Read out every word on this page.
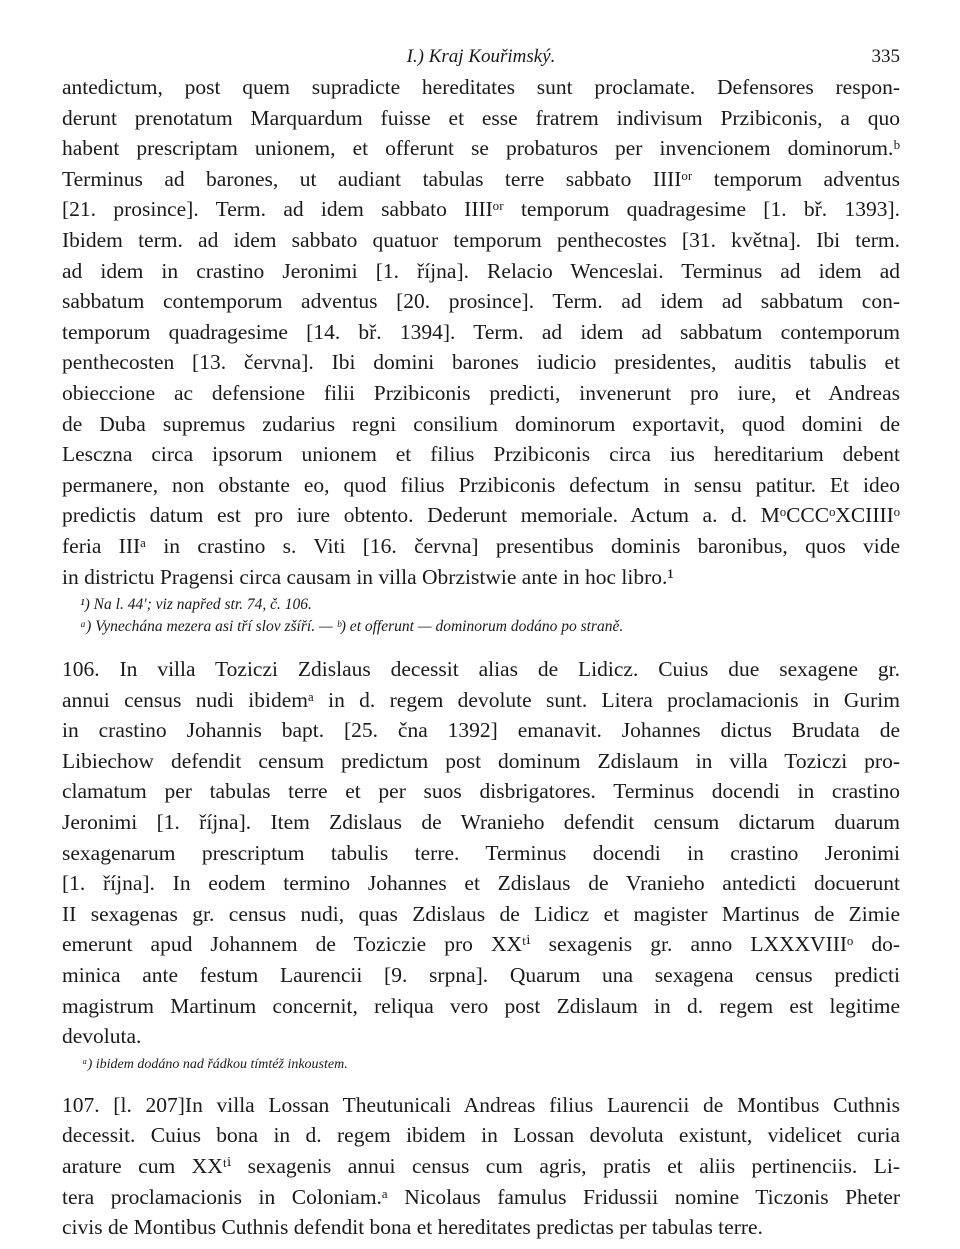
I.) Kraj Kouřimský.	335
antedictum, post quem supradicte hereditates sunt proclamate. Defensores respon-
derunt prenotatum Marquardum fuisse et esse fratrem indivisum Przibiconis, a quo
habent prescriptam unionem, et offerunt se probaturos per invencionem dominorum.ᵇ
Terminus ad barones, ut audiant tabulas terre sabbato IIIIᵒʳ temporum adventus
[21. prosince]. Term. ad idem sabbato IIIIᵒʳ temporum quadragesime [1. bř. 1393].
Ibidem term. ad idem sabbato quatuor temporum penthecostes [31. května]. Ibi term.
ad idem in crastino Jeronimi [1. října]. Relacio Wenceslai. Terminus ad idem ad
sabbatum contemporum adventus [20. prosince]. Term. ad idem ad sabbatum con-
temporum quadragesime [14. bř. 1394]. Term. ad idem ad sabbatum contemporum
penthecosten [13. června]. Ibi domini barones iudicio presidentes, auditis tabulis et
obieccione ac defensione filii Przibiconis predicti, invenerunt pro iure, et Andreas
de Duba supremus zudarius regni consilium dominorum exportavit, quod domini de
Lesczna circa ipsorum unionem et filius Przibiconis circa ius hereditarium debent
permanere, non obstante eo, quod filius Przibiconis defectum in sensu patitur. Et ideo
predictis datum est pro iure obtento. Dederunt memoriale. Actum a. d. MᵒCCCᵒXCIIIIᵒ
feria IIIᵃ in crastino s. Viti [16. června] presentibus dominis baronibus, quos vide
in districtu Pragensi circa causam in villa Obrzistwie ante in hoc libro.¹

¹) Na l. 44′; viz napřed str. 74, č. 106.

ᵃ) Vynechána mezera asi tří slov zšíří. — ᵇ) et offerunt — dominorum dodáno po straně.

106. In villa Toziczi Zdislaus decessit alias de Lidicz. Cuius due sexagene gr.
annui census nudi ibidemᵃ in d. regem devolute sunt. Litera proclamacionis in Gurim
in crastino Johannis bapt. [25. čna 1392] emanavit. Johannes dictus Brudata de
Libiechow defendit censum predictum post dominum Zdislaum in villa Toziczi pro-
clamatum per tabulas terre et per suos disbrigatores. Terminus docendi in crastino
Jeronimi [1. října]. Item Zdislaus de Wranieho defendit censum dictarum duarum
sexagenarum prescriptum tabulis terre. Terminus docendi in crastino Jeronimi
[1. října]. In eodem termino Johannes et Zdislaus de Vranieho antedicti docuerunt
II sexagenas gr. census nudi, quas Zdislaus de Lidicz et magister Martinus de Zimie
emerunt apud Johannem de Toziczie pro XXᵗⁱ sexagenis gr. anno LXXXVIIIᵒ do-
minica ante festum Laurencii [9. srpna]. Quarum una sexagena census predicti
magistrum Martinum concernit, reliqua vero post Zdislaum in d. regem est legitime
devoluta.

ᵃ) ibidem dodáno nad řádkou tímtéž inkoustem.

107. [l. 207]In villa Lossan Theutunicali Andreas filius Laurencii de Montibus Cuthnis
decessit. Cuius bona in d. regem ibidem in Lossan devoluta existunt, videlicet curia
arature cum XXᵗⁱ sexagenis annui census cum agris, pratis et aliis pertinenciis. Li-
tera proclamacionis in Coloniam.ᵃ Nicolaus famulus Fridussii nomine Ticzonis Pheter
civis de Montibus Cuthnis defendit bona et hereditates predictas per tabulas terre.
